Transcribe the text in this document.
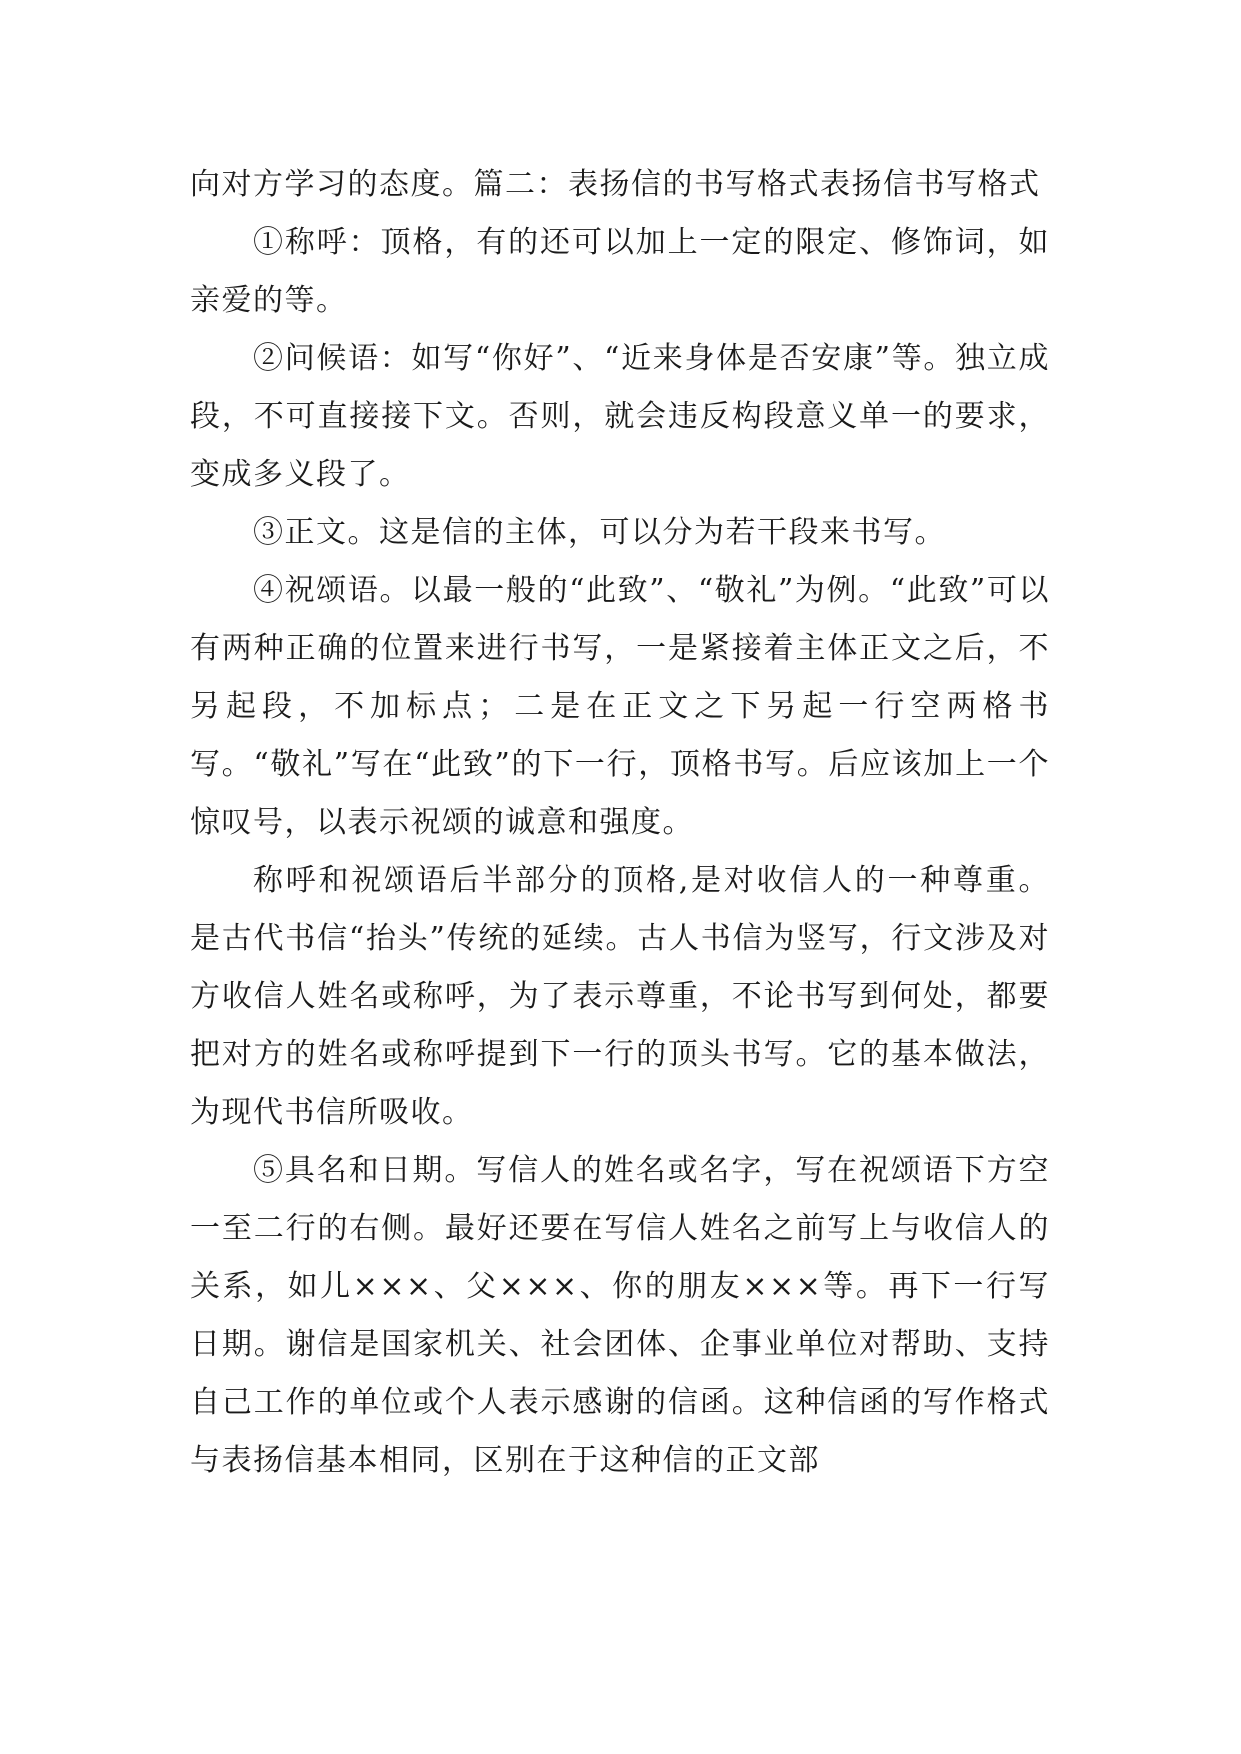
向对方学习的态度。篇二：表扬信的书写格式表扬信书写格式

①称呼：顶格，有的还可以加上一定的限定、修饰词，如亲爱的等。

②问候语：如写“你好”、“近来身体是否安康”等。独立成段，不可直接接下文。否则，就会违反构段意义单一的要求，变成多义段了。

③正文。这是信的主体，可以分为若干段来书写。

④祝颂语。以最一般的“此致”、“敬礼”为例。“此致”可以有两种正确的位置来进行书写，一是紧接着主体正文之后，不另起段，不加标点；二是在正文之下另起一行空两格书写。“敬礼”写在“此致”的下一行，顶格书写。后应该加上一个惊叹号，以表示祝颂的诚意和强度。

称呼和祝颂语后半部分的顶格,是对收信人的一种尊重。是古代书信“抬头”传统的延续。古人书信为竖写，行文涉及对方收信人姓名或称呼，为了表示尊重，不论书写到何处，都要把对方的姓名或称呼提到下一行的顶头书写。它的基本做法，为现代书信所吸收。

⑤具名和日期。写信人的姓名或名字，写在祝颂语下方空一至二行的右侧。最好还要在写信人姓名之前写上与收信人的关系，如儿×××、父×××、你的朋友×××等。再下一行写日期。谢信是国家机关、社会团体、企事业单位对帮助、支持自己工作的单位或个人表示感谢的信函。这种信函的写作格式与表扬信基本相同，区别在于这种信的正文部
